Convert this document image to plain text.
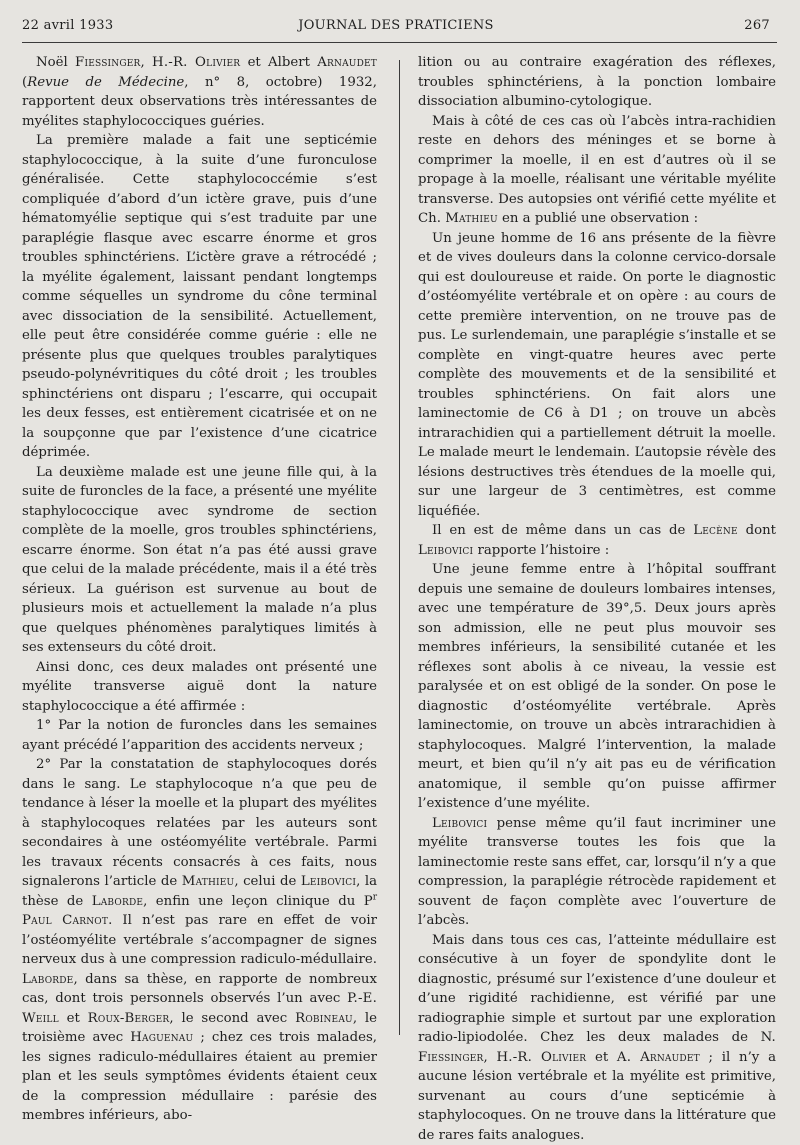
22 avril 1933	JOURNAL DES PRATICIENS	267

Noël Fiessinger, H.-R. Olivier et Albert Arnaudet (Revue de Médecine, n° 8, octobre) 1932, rapportent deux observations très intéressantes de myélites staphylococciques guéries.

La première malade a fait une septicémie staphylococcique, à la suite d’une furonculose généralisée. Cette staphylococcémie s’est compliquée d’abord d’un ictère grave, puis d’une hématomyélie septique qui s’est traduite par une paraplégie flasque avec escarre énorme et gros troubles sphinctériens. L’ictère grave a rétrocédé ; la myélite également, laissant pendant longtemps comme séquelles un syndrome du cône terminal avec dissociation de la sensibilité. Actuellement, elle peut être considérée comme guérie : elle ne présente plus que quelques troubles paralytiques pseudo-polynévritiques du côté droit ; les troubles sphinctériens ont disparu ; l’escarre, qui occupait les deux fesses, est entièrement cicatrisée et on ne la soupçonne que par l’existence d’une cicatrice déprimée.

La deuxième malade est une jeune fille qui, à la suite de furoncles de la face, a présenté une myélite staphylococcique avec syndrome de section complète de la moelle, gros troubles sphinctériens, escarre énorme. Son état n’a pas été aussi grave que celui de la malade précédente, mais il a été très sérieux. La guérison est survenue au bout de plusieurs mois et actuellement la malade n’a plus que quelques phénomènes paralytiques limités à ses extenseurs du côté droit.

Ainsi donc, ces deux malades ont présenté une myélite transverse aiguë dont la nature staphylococcique a été affirmée :

1° Par la notion de furoncles dans les semaines ayant précédé l’apparition des accidents nerveux ;

2° Par la constatation de staphylocoques dorés dans le sang. Le staphylocoque n’a que peu de tendance à léser la moelle et la plupart des myélites à staphylocoques relatées par les auteurs sont secondaires à une ostéomyélite vertébrale. Parmi les travaux récents consacrés à ces faits, nous signalerons l’article de Mathieu, celui de Leibovici, la thèse de Laborde, enfin une leçon clinique du $P^r$ Paul Carnot. Il n’est pas rare en effet de voir l’ostéomyélite vertébrale s’accompagner de signes nerveux dus à une compression radiculo-médullaire. Laborde, dans sa thèse, en rapporte de nombreux cas, dont trois personnels observés l’un avec P.-E. Weill et Roux-Berger, le second avec Robineau, le troisième avec Haguenau ; chez ces trois malades, les signes radiculo-médullaires étaient au premier plan et les seuls symptômes évidents étaient ceux de la compression médullaire : parésie des membres inférieurs, abo-

lition ou au contraire exagération des réflexes, troubles sphinctériens, à la ponction lombaire dissociation albumino-cytologique.

Mais à côté de ces cas où l’abcès intra-rachidien reste en dehors des méninges et se borne à comprimer la moelle, il en est d’autres où il se propage à la moelle, réalisant une véritable myélite transverse. Des autopsies ont vérifié cette myélite et Ch. Mathieu en a publié une observation :

Un jeune homme de 16 ans présente de la fièvre et de vives douleurs dans la colonne cervico-dorsale qui est douloureuse et raide. On porte le diagnostic d’ostéomyélite vertébrale et on opère : au cours de cette première intervention, on ne trouve pas de pus. Le surlendemain, une paraplégie s’installe et se complète en vingt-quatre heures avec perte complète des mouvements et de la sensibilité et troubles sphinctériens. On fait alors une laminectomie de C6 à D1 ; on trouve un abcès intrarachidien qui a partiellement détruit la moelle. Le malade meurt le lendemain. L’autopsie révèle des lésions destructives très étendues de la moelle qui, sur une largeur de 3 centimètres, est comme liquéfiée.

Il en est de même dans un cas de Lecène dont Leibovici rapporte l’histoire :

Une jeune femme entre à l’hôpital souffrant depuis une semaine de douleurs lombaires intenses, avec une température de 39°,5. Deux jours après son admission, elle ne peut plus mouvoir ses membres inférieurs, la sensibilité cutanée et les réflexes sont abolis à ce niveau, la vessie est paralysée et on est obligé de la sonder. On pose le diagnostic d’ostéomyélite vertébrale. Après laminectomie, on trouve un abcès intrarachidien à staphylocoques. Malgré l’intervention, la malade meurt, et bien qu’il n’y ait pas eu de vérification anatomique, il semble qu’on puisse affirmer l’existence d’une myélite.

Leibovici pense même qu’il faut incriminer une myélite transverse toutes les fois que la laminectomie reste sans effet, car, lorsqu’il n’y a que compression, la paraplégie rétrocède rapidement et souvent de façon complète avec l’ouverture de l’abcès.

Mais dans tous ces cas, l’atteinte médullaire est consécutive à un foyer de spondylite dont le diagnostic, présumé sur l’existence d’une douleur et d’une rigidité rachidienne, est vérifié par une radiographie simple et surtout par une exploration radio-lipiodolée. Chez les deux malades de N. Fiessinger, H.-R. Olivier et A. Arnaudet ; il n’y a aucune lésion vertébrale et la myélite est primitive, survenant au cours d’une septicémie à staphylocoques. On ne trouve dans la littérature que de rares faits analogues.
